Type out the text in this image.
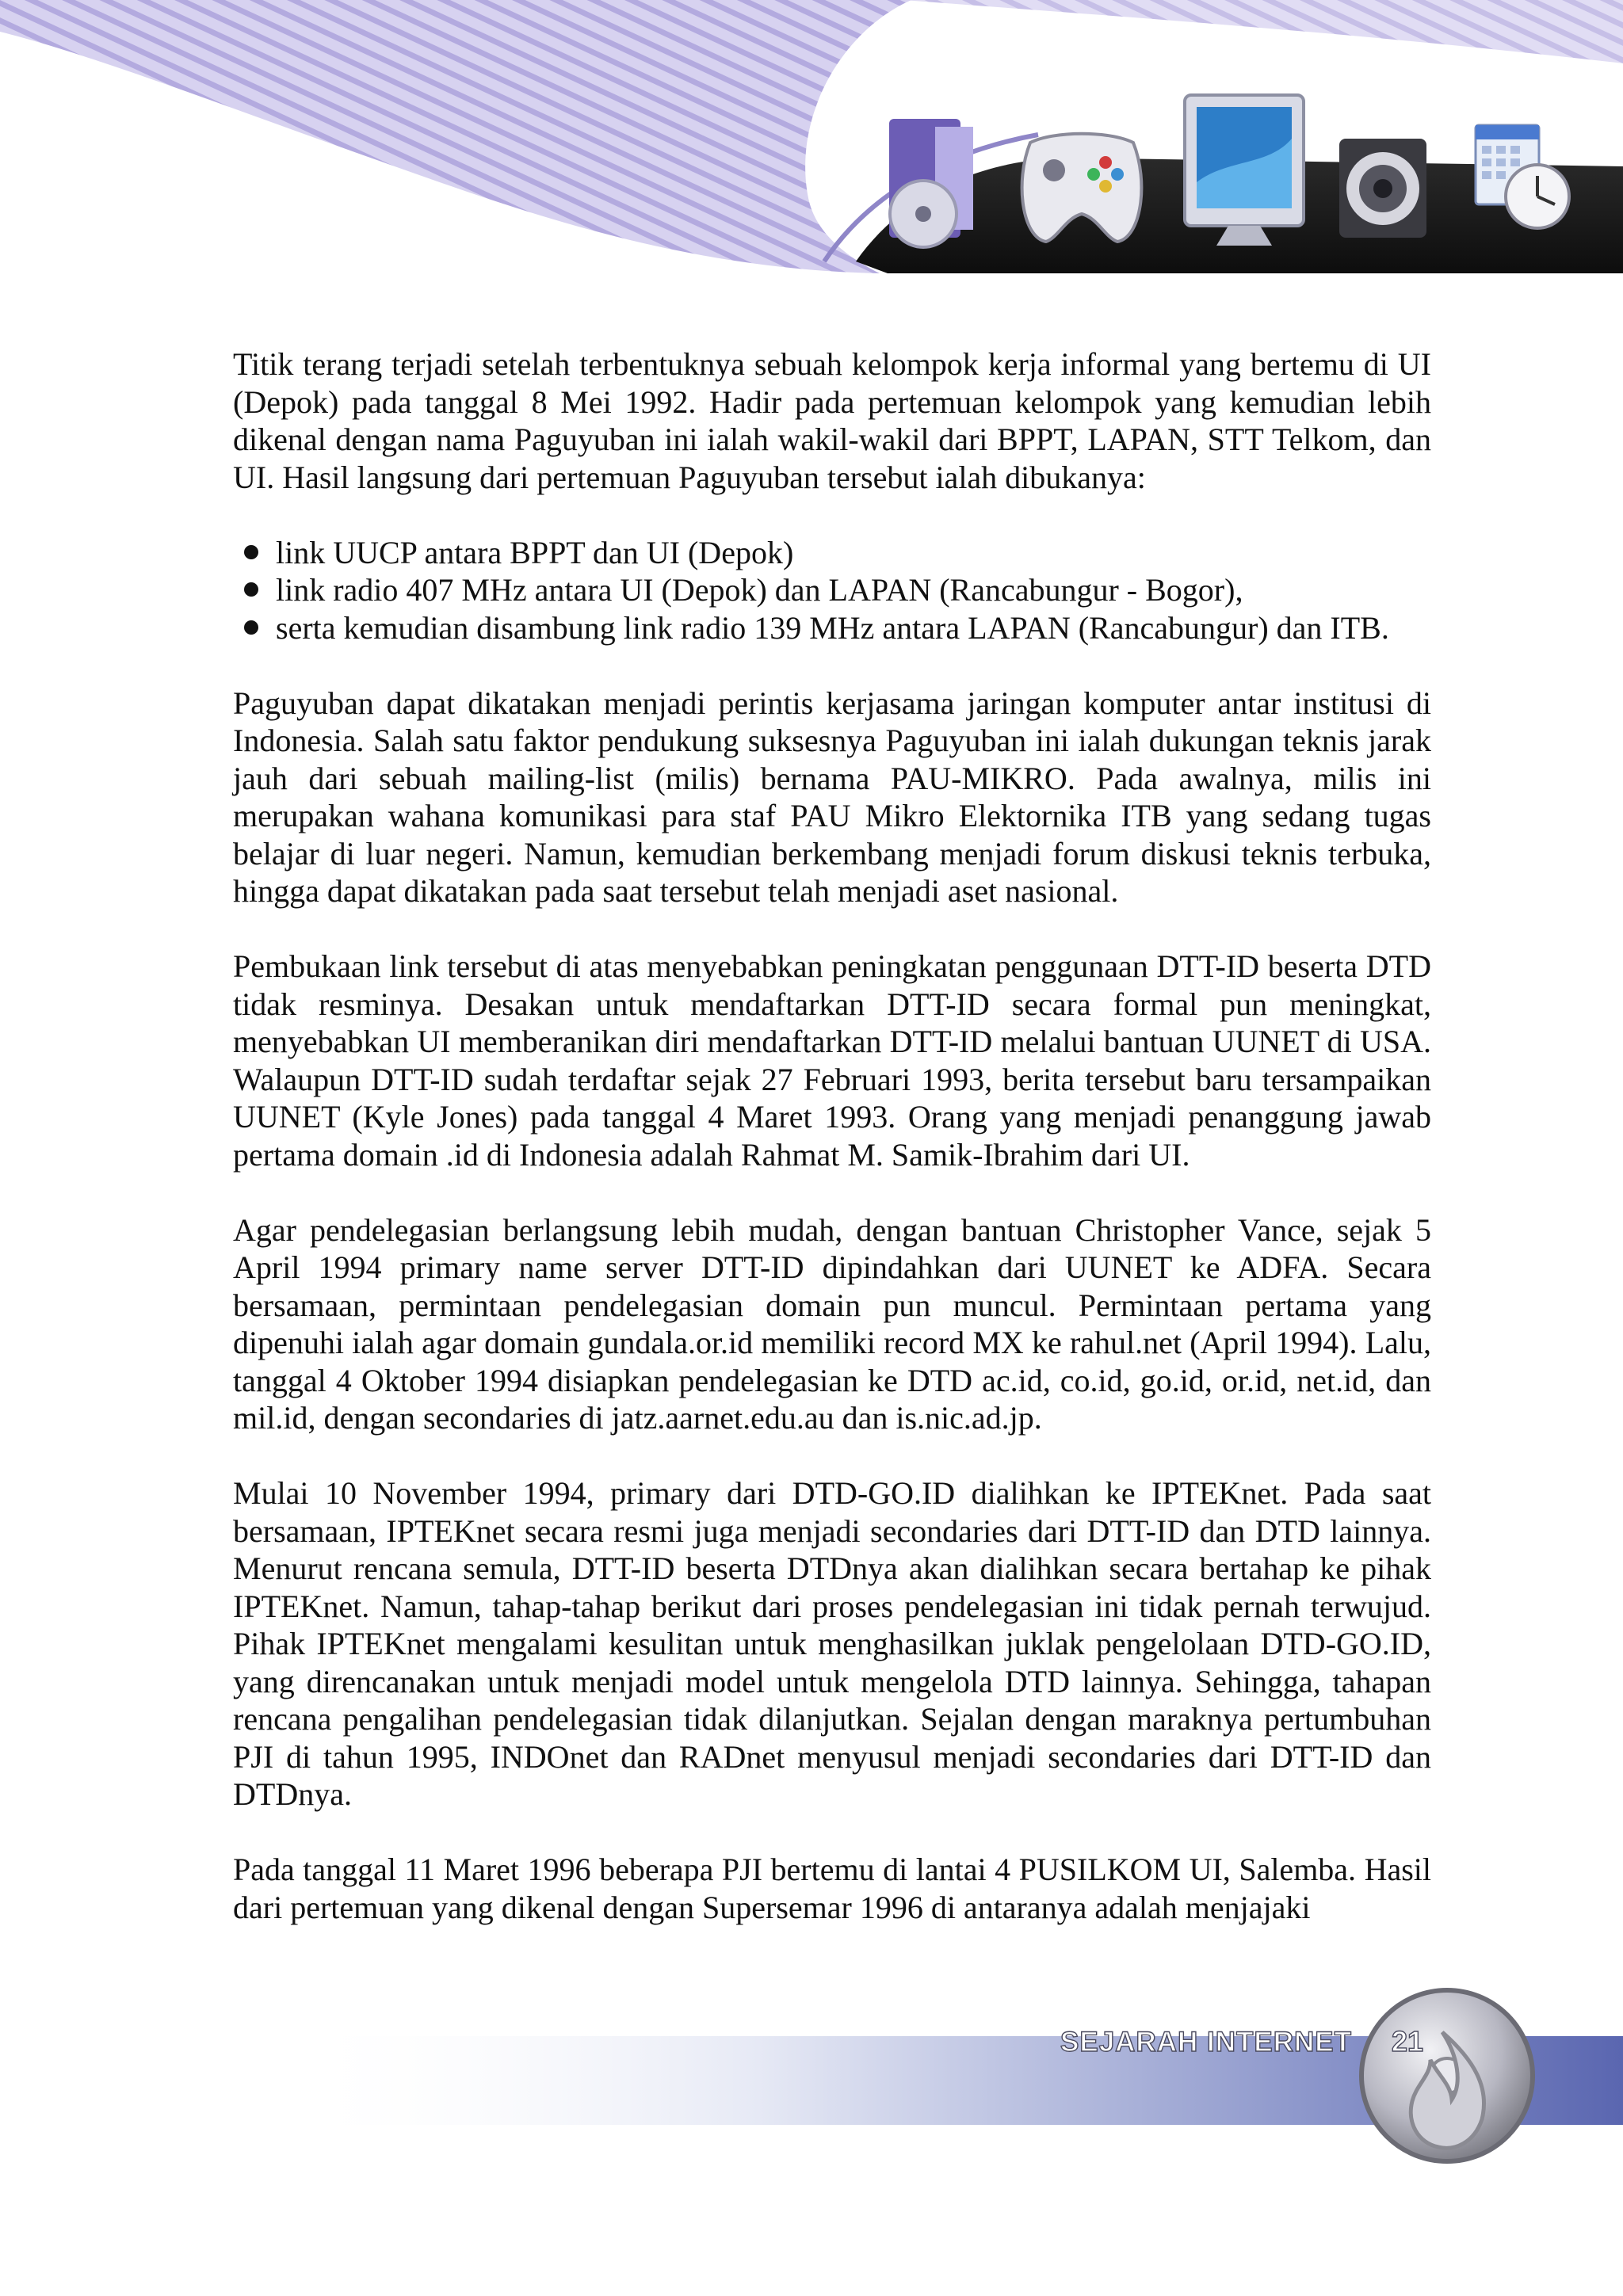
Titik terang terjadi setelah terbentuknya sebuah kelompok kerja informal yang bertemu di UI (Depok) pada tanggal 8 Mei 1992. Hadir pada pertemuan kelompok yang kemudian lebih dikenal dengan nama Paguyuban ini ialah wakil-wakil dari BPPT, LAPAN, STT Telkom, dan UI. Hasil langsung dari pertemuan Paguyuban tersebut ialah dibukanya:

link UUCP antara BPPT dan UI (Depok)
link radio 407 MHz antara UI (Depok) dan LAPAN (Rancabungur - Bogor),
serta kemudian disambung link radio 139 MHz antara LAPAN (Rancabungur) dan ITB.

Paguyuban dapat dikatakan menjadi perintis kerjasama jaringan komputer antar institusi di Indonesia. Salah satu faktor pendukung suksesnya Paguyuban ini ialah dukungan teknis jarak jauh dari sebuah mailing-list (milis) bernama PAU-MIKRO. Pada awalnya, milis ini merupakan wahana komunikasi para staf PAU Mikro Elektornika ITB yang sedang tugas belajar di luar negeri. Namun, kemudian berkembang menjadi forum diskusi teknis terbuka, hingga dapat dikatakan pada saat tersebut telah menjadi aset nasional.

Pembukaan link tersebut di atas menyebabkan peningkatan penggunaan DTT-ID beserta DTD tidak resminya. Desakan untuk mendaftarkan DTT-ID secara formal pun meningkat, menyebabkan UI memberanikan diri mendaftarkan DTT-ID melalui bantuan UUNET di USA. Walaupun DTT-ID sudah terdaftar sejak 27 Februari 1993, berita tersebut baru tersampaikan UUNET (Kyle Jones) pada tanggal 4 Maret 1993. Orang yang menjadi penanggung jawab pertama domain .id di Indonesia adalah Rahmat M. Samik-Ibrahim dari UI.

Agar pendelegasian berlangsung lebih mudah, dengan bantuan Christopher Vance, sejak 5 April 1994 primary name server DTT-ID dipindahkan dari UUNET ke ADFA. Secara bersamaan, permintaan pendelegasian domain pun muncul. Permintaan pertama yang dipenuhi ialah agar domain gundala.or.id memiliki record MX ke rahul.net (April 1994). Lalu, tanggal 4 Oktober 1994 disiapkan pendelegasian ke DTD ac.id, co.id, go.id, or.id, net.id, dan mil.id, dengan secondaries di jatz.aarnet.edu.au dan is.nic.ad.jp.

Mulai 10 November 1994, primary dari DTD-GO.ID dialihkan ke IPTEKnet. Pada saat bersamaan, IPTEKnet secara resmi juga menjadi secondaries dari DTT-ID dan DTD lainnya. Menurut rencana semula, DTT-ID beserta DTDnya akan dialihkan secara bertahap ke pihak IPTEKnet. Namun, tahap-tahap berikut dari proses pendelegasian ini tidak pernah terwujud. Pihak IPTEKnet mengalami kesulitan untuk menghasilkan juklak pengelolaan DTD-GO.ID, yang direncanakan untuk menjadi model untuk mengelola DTD lainnya. Sehingga, tahapan rencana pengalihan pendelegasian tidak dilanjutkan. Sejalan dengan maraknya pertumbuhan PJI di tahun 1995, INDOnet dan RADnet menyusul menjadi secondaries dari DTT-ID dan DTDnya.

Pada tanggal 11 Maret 1996 beberapa PJI bertemu di lantai 4 PUSILKOM UI, Salemba. Hasil dari pertemuan yang dikenal dengan Supersemar 1996 di antaranya adalah menjajaki

SEJARAH INTERNET 21
